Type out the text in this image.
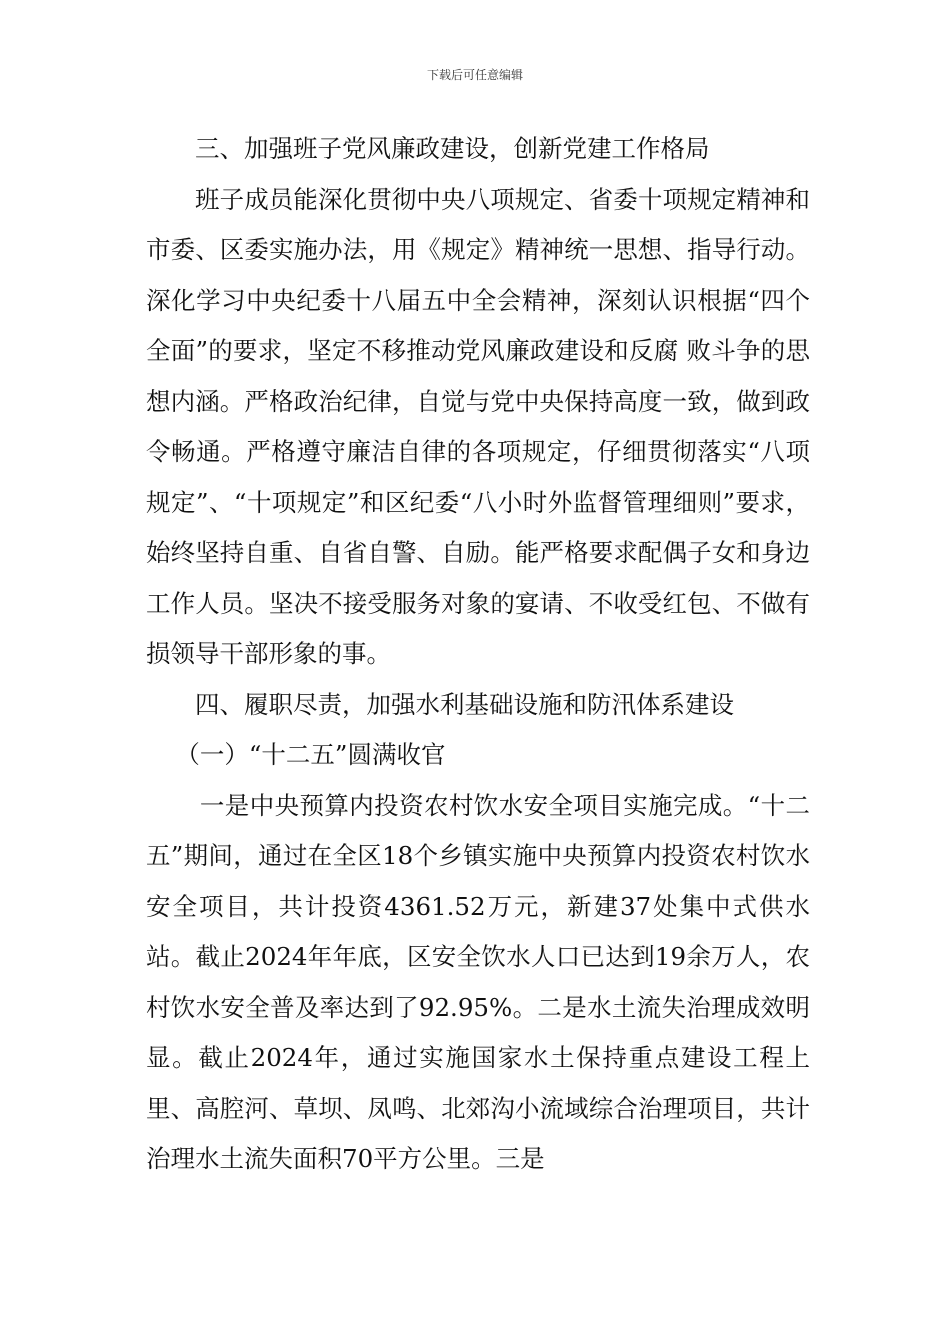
下载后可任意编辑

三、加强班子党风廉政建设，创新党建工作格局

班子成员能深化贯彻中央八项规定、省委十项规定精神和市委、区委实施办法，用《规定》精神统一思想、指导行动。深化学习中央纪委十八届五中全会精神，深刻认识根据“四个全面”的要求，坚定不移推动党风廉政建设和反腐 败斗争的思想内涵。严格政治纪律，自觉与党中央保持高度一致，做到政令畅通。严格遵守廉洁自律的各项规定，仔细贯彻落实“八项规定”、“十项规定”和区纪委“八小时外监督管理细则”要求，始终坚持自重、自省自警、自励。能严格要求配偶子女和身边工作人员。坚决不接受服务对象的宴请、不收受红包、不做有损领导干部形象的事。

四、履职尽责，加强水利基础设施和防汛体系建设

（一）“十二五”圆满收官

一是中央预算内投资农村饮水安全项目实施完成。“十二五”期间，通过在全区18个乡镇实施中央预算内投资农村饮水安全项目，共计投资4361.52万元，新建37处集中式供水站。截止2024年年底，区安全饮水人口已达到19余万人，农村饮水安全普及率达到了92.95%。二是水土流失治理成效明显。截止2024年，通过实施国家水土保持重点建设工程上里、高腔河、草坝、凤鸣、北郊沟小流域综合治理项目，共计治理水土流失面积70平方公里。三是
